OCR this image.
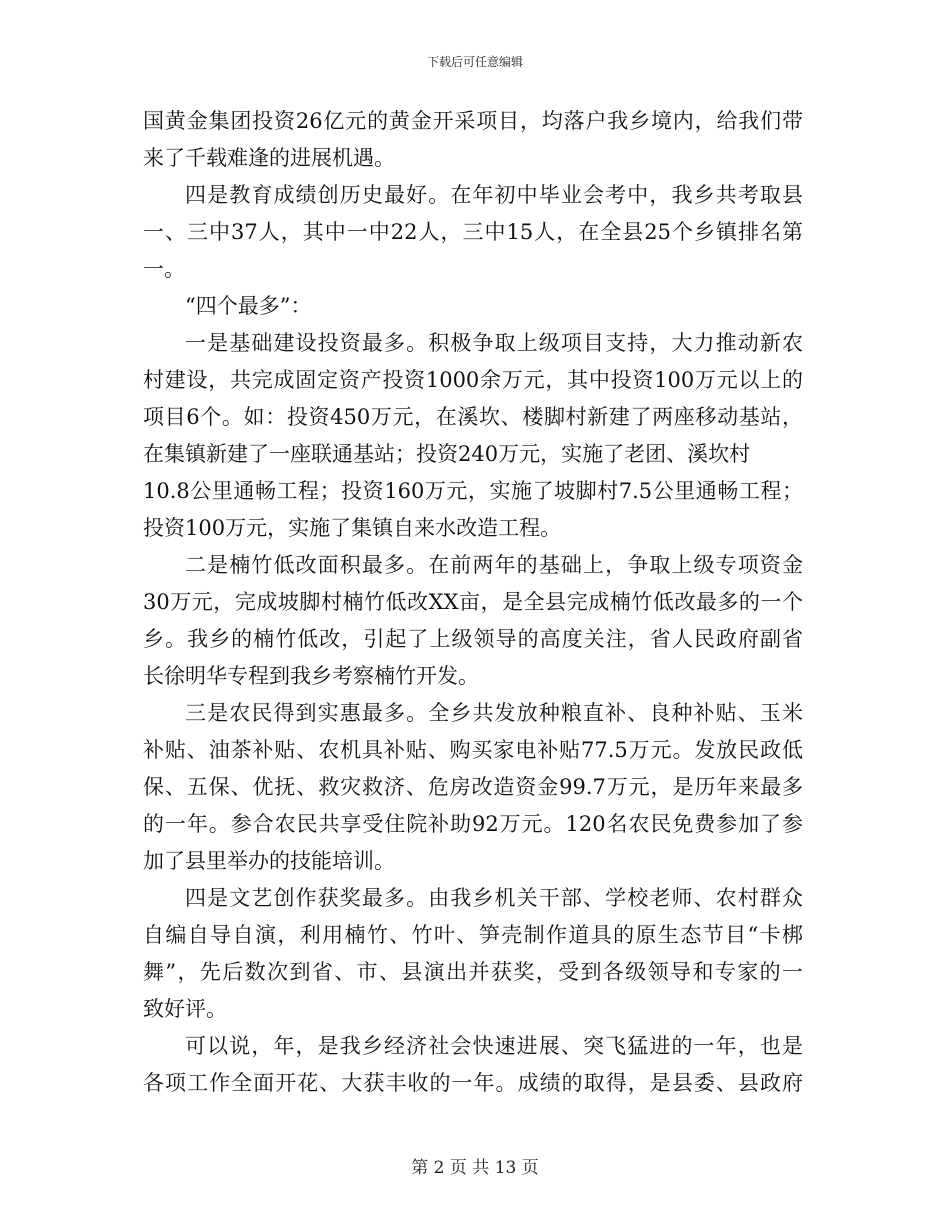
下载后可任意编辑
国黄金集团投资26亿元的黄金开采项目，均落户我乡境内，给我们带
来了千载难逢的进展机遇。
四是教育成绩创历史最好。在年初中毕业会考中，我乡共考取县
一、三中37人，其中一中22人，三中15人，在全县25个乡镇排名第
一。
“四个最多”：
一是基础建设投资最多。积极争取上级项目支持，大力推动新农
村建设，共完成固定资产投资1000余万元，其中投资100万元以上的
项目6个。如：投资450万元，在溪坎、楼脚村新建了两座移动基站，
在集镇新建了一座联通基站；投资240万元，实施了老团、溪坎村
10.8公里通畅工程；投资160万元，实施了坡脚村7.5公里通畅工程；
投资100万元，实施了集镇自来水改造工程。
二是楠竹低改面积最多。在前两年的基础上，争取上级专项资金
30万元，完成坡脚村楠竹低改XX亩，是全县完成楠竹低改最多的一个
乡。我乡的楠竹低改，引起了上级领导的高度关注，省人民政府副省
长徐明华专程到我乡考察楠竹开发。
三是农民得到实惠最多。全乡共发放种粮直补、良种补贴、玉米
补贴、油茶补贴、农机具补贴、购买家电补贴77.5万元。发放民政低
保、五保、优抚、救灾救济、危房改造资金99.7万元，是历年来最多
的一年。参合农民共享受住院补助92万元。120名农民免费参加了参
加了县里举办的技能培训。
四是文艺创作获奖最多。由我乡机关干部、学校老师、农村群众
自编自导自演，利用楠竹、竹叶、笋壳制作道具的原生态节目“卡梆
舞”，先后数次到省、市、县演出并获奖，受到各级领导和专家的一
致好评。
可以说，年，是我乡经济社会快速进展、突飞猛进的一年，也是
各项工作全面开花、大获丰收的一年。成绩的取得，是县委、县政府
第 2 页 共 13 页
